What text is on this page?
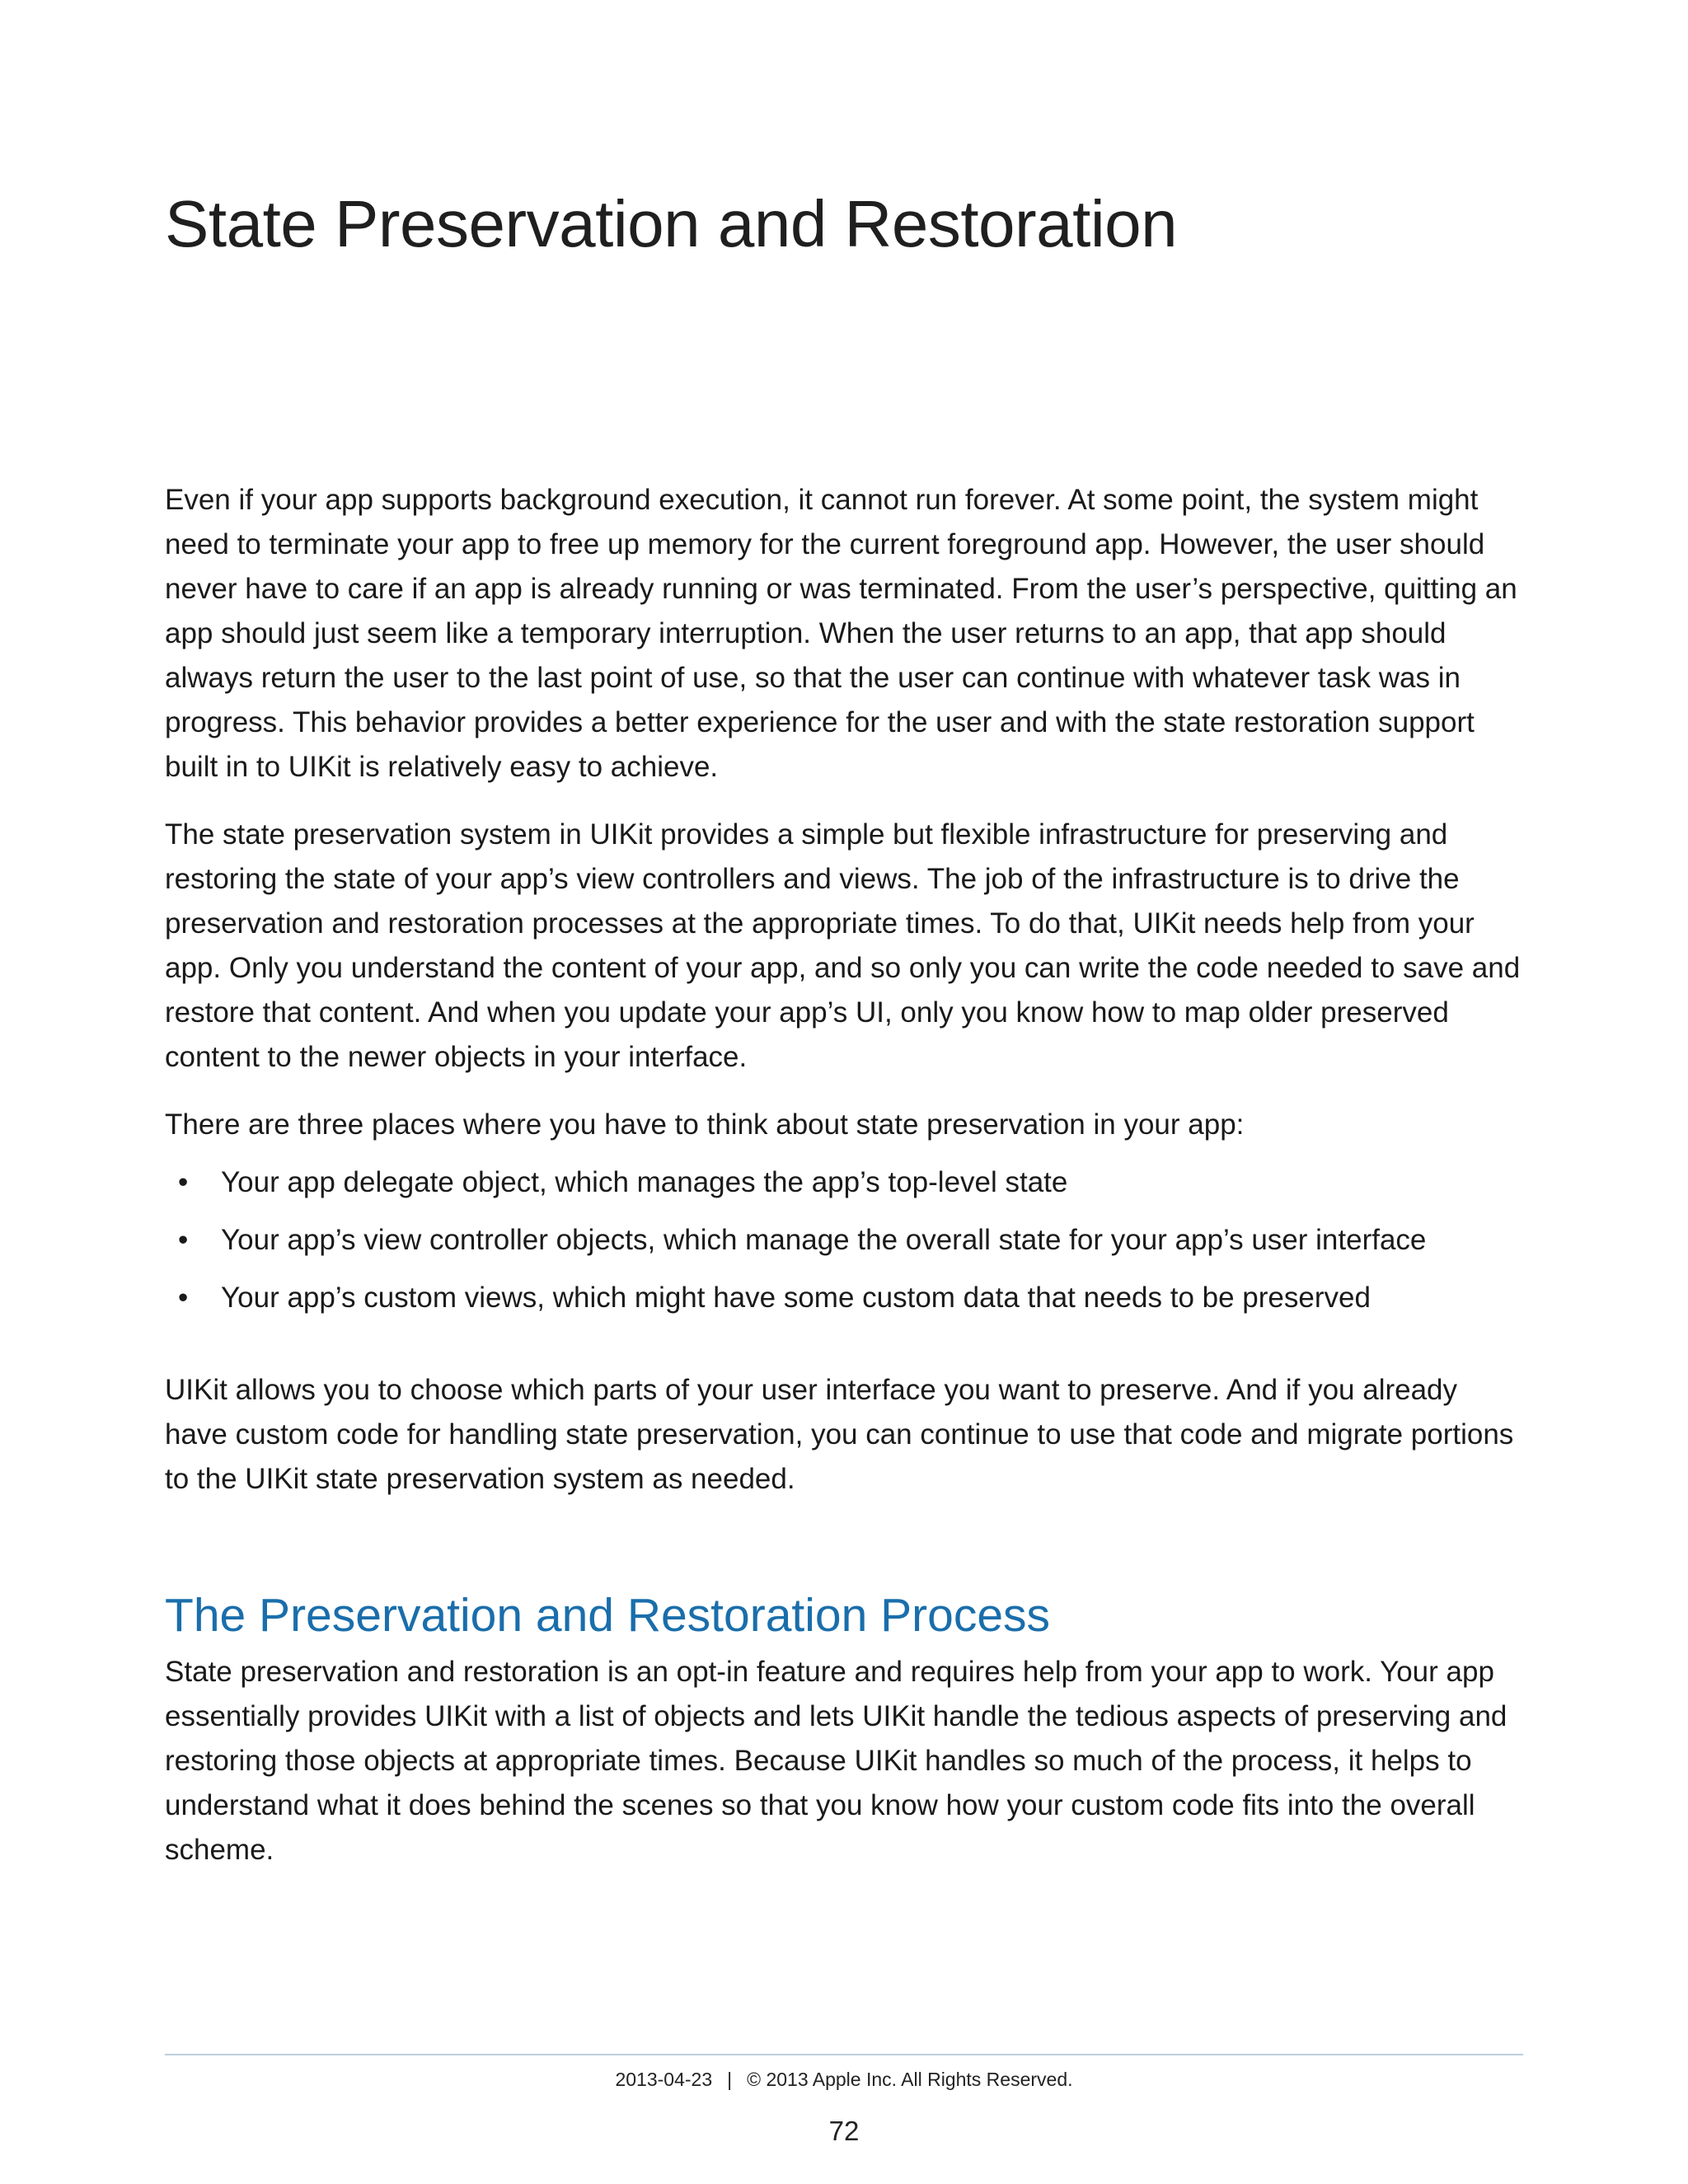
State Preservation and Restoration

Even if your app supports background execution, it cannot run forever. At some point, the system might need to terminate your app to free up memory for the current foreground app. However, the user should never have to care if an app is already running or was terminated. From the user’s perspective, quitting an app should just seem like a temporary interruption. When the user returns to an app, that app should always return the user to the last point of use, so that the user can continue with whatever task was in progress. This behavior provides a better experience for the user and with the state restoration support built in to UIKit is relatively easy to achieve.

The state preservation system in UIKit provides a simple but flexible infrastructure for preserving and restoring the state of your app’s view controllers and views. The job of the infrastructure is to drive the preservation and restoration processes at the appropriate times. To do that, UIKit needs help from your app. Only you understand the content of your app, and so only you can write the code needed to save and restore that content. And when you update your app’s UI, only you know how to map older preserved content to the newer objects in your interface.

There are three places where you have to think about state preservation in your app:

• Your app delegate object, which manages the app’s top-level state
• Your app’s view controller objects, which manage the overall state for your app’s user interface
• Your app’s custom views, which might have some custom data that needs to be preserved

UIKit allows you to choose which parts of your user interface you want to preserve. And if you already have custom code for handling state preservation, you can continue to use that code and migrate portions to the UIKit state preservation system as needed.

The Preservation and Restoration Process

State preservation and restoration is an opt-in feature and requires help from your app to work. Your app essentially provides UIKit with a list of objects and lets UIKit handle the tedious aspects of preserving and restoring those objects at appropriate times. Because UIKit handles so much of the process, it helps to understand what it does behind the scenes so that you know how your custom code fits into the overall scheme.

2013-04-23 | © 2013 Apple Inc. All Rights Reserved.
72
